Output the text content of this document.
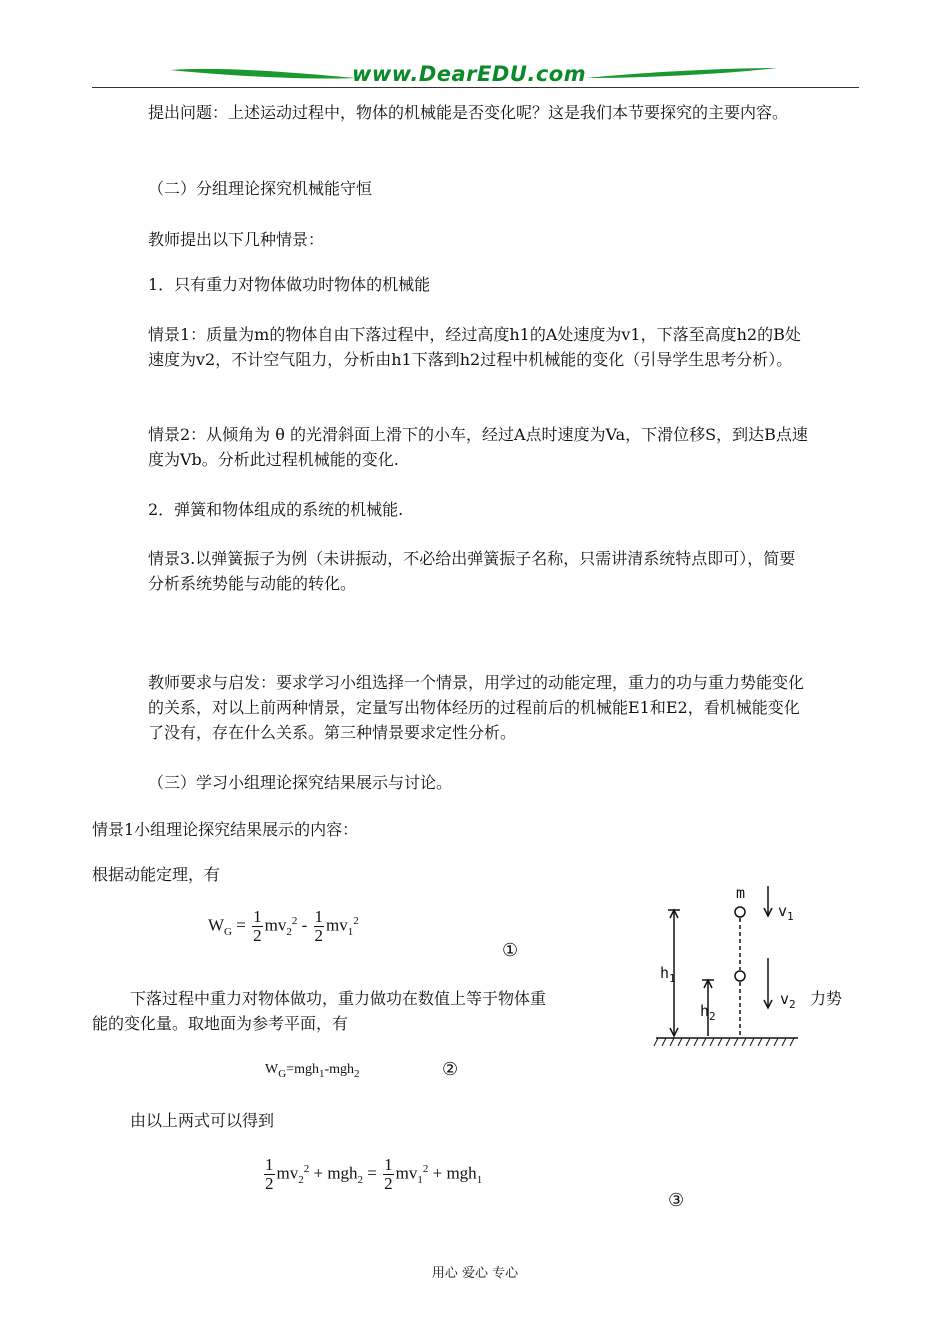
www.DearEDU.com
提出问题：上述运动过程中，物体的机械能是否变化呢？这是我们本节要探究的主要内容。
（二）分组理论探究机械能守恒
教师提出以下几种情景：
1．只有重力对物体做功时物体的机械能
情景1：质量为m的物体自由下落过程中，经过高度h1的A处速度为v1，下落至高度h2的B处速度为v2，不计空气阻力，分析由h1下落到h2过程中机械能的变化（引导学生思考分析）。
情景2：从倾角为 θ 的光滑斜面上滑下的小车，经过A点时速度为Va，下滑位移S，到达B点速度为Vb。分析此过程机械能的变化.
2．弹簧和物体组成的系统的机械能.
情景3.以弹簧振子为例（未讲振动，不必给出弹簧振子名称，只需讲清系统特点即可），简要分析系统势能与动能的转化。
教师要求与启发：要求学习小组选择一个情景，用学过的动能定理，重力的功与重力势能变化的关系，对以上前两种情景，定量写出物体经历的过程前后的机械能E1和E2，看机械能变化了没有，存在什么关系。第三种情景要求定性分析。
（三）学习小组理论探究结果展示与讨论。
情景1小组理论探究结果展示的内容：
根据动能定理，有
$W_G = \frac{1}{2} mv_2^2 - \frac{1}{2} mv_1^2$
①
下落过程中重力对物体做功，重力做功在数值上等于物体重	力势
能的变化量。取地面为参考平面，有
$W_G=mgh_1-mgh_2$	②
由以上两式可以得到
$\frac{1}{2} mv_2^2 + mgh_2 = \frac{1}{2} mv_1^2 + mgh_1$
③
m
$v_1$
$v_2$
$h_1$
$h_2$
用心 爱心 专心
